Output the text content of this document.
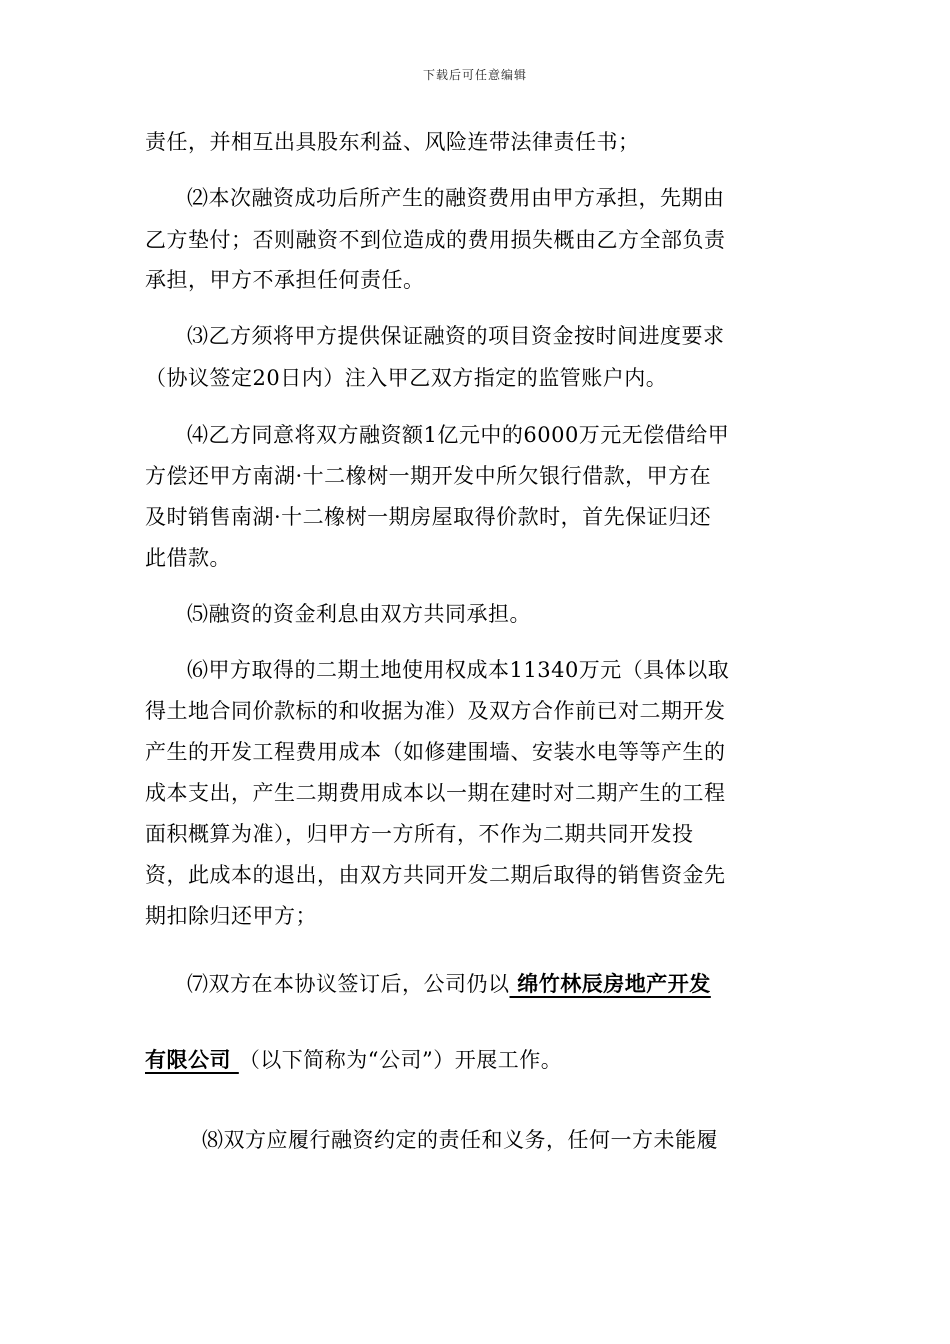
下载后可任意编辑
责任，并相互出具股东利益、风险连带法律责任书；
⑵本次融资成功后所产生的融资费用由甲方承担，先期由
乙方垫付；否则融资不到位造成的费用损失概由乙方全部负责
承担，甲方不承担任何责任。
⑶乙方须将甲方提供保证融资的项目资金按时间进度要求
（协议签定20日内）注入甲乙双方指定的监管账户内。
⑷乙方同意将双方融资额1亿元中的6000万元无偿借给甲
方偿还甲方南湖·十二橡树一期开发中所欠银行借款，甲方在
及时销售南湖·十二橡树一期房屋取得价款时，首先保证归还
此借款。
⑸融资的资金利息由双方共同承担。
⑹甲方取得的二期土地使用权成本11340万元（具体以取
得土地合同价款标的和收据为准）及双方合作前已对二期开发
产生的开发工程费用成本（如修建围墙、安装水电等等产生的
成本支出，产生二期费用成本以一期在建时对二期产生的工程
面积概算为准），归甲方一方所有，不作为二期共同开发投
资，此成本的退出，由双方共同开发二期后取得的销售资金先
期扣除归还甲方；
⑺双方在本协议签订后，公司仍以 绵竹林辰房地产开发
有限公司 （以下简称为“公司”）开展工作。
⑻双方应履行融资约定的责任和义务，任何一方未能履
